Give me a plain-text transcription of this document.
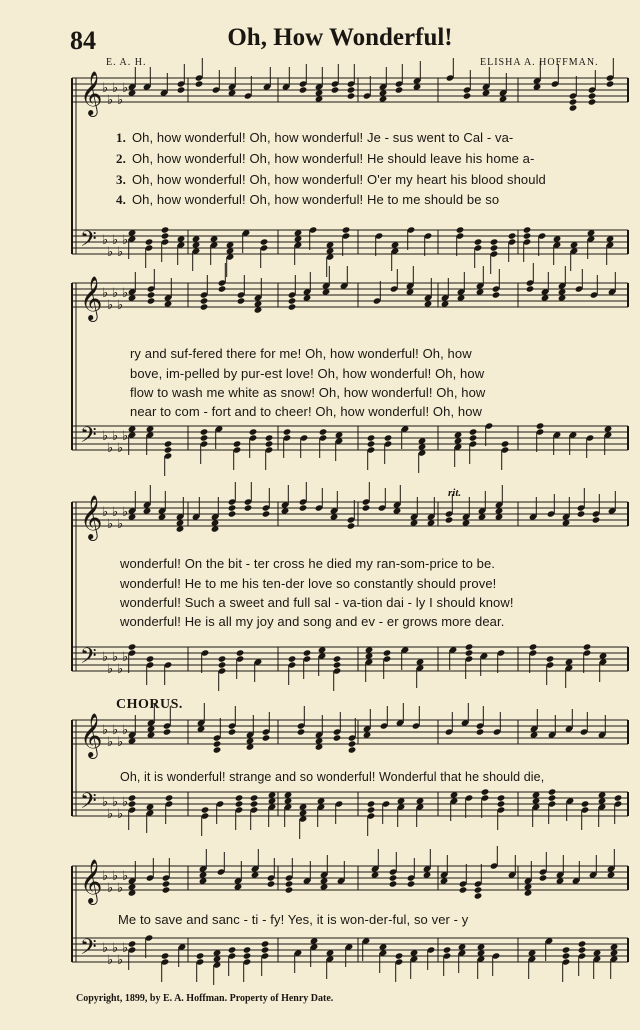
84	Oh, How Wonderful!
E. A. H.	ELISHA A. HOFFMAN.
𝄞 ♭
♭
♭
♭
♭
𝄢 ♭
♭
♭
♭
♭
1. Oh, how wonderful! Oh, how wonderful! Je - sus went to Cal - va-
2. Oh, how wonderful! Oh, how wonderful! He should leave his home a-
3. Oh, how wonderful! Oh, how wonderful! O'er my heart his blood should
4. Oh, how wonderful! Oh, how wonderful! He to me should be so
𝄞 ♭
♭
♭
♭
♭
𝄢 ♭
♭
♭
♭
♭
ry and suf-fered there for me! Oh, how wonderful! Oh, how
bove, im-pelled by pur-est love! Oh, how wonderful! Oh, how
flow to wash me white as snow! Oh, how wonderful! Oh, how
near to com - fort and to cheer! Oh, how wonderful! Oh, how
rit.
𝄞 ♭
♭
♭
♭
♭
𝄢 ♭
♭
♭
♭
♭
wonderful! On the bit - ter cross he died my ran-som-price to be.
wonderful! He to me his ten-der love so constantly should prove!
wonderful! Such a sweet and full sal - va-tion dai - ly I should know!
wonderful! He is all my joy and song and ev - er grows more dear.
CHORUS.
𝄞 ♭
♭
♭
♭
♭
𝄢 ♭
♭
♭
♭
♭
Oh, it is wonderful! strange and so wonderful! Wonderful that he should die,
𝄞 ♭
♭
♭
♭
♭
𝄢 ♭
♭
♭
♭
♭
Me to save and sanc - ti - fy! Yes, it is won-der-ful, so ver - y
Copyright, 1899, by E. A. Hoffman. Property of Henry Date.
